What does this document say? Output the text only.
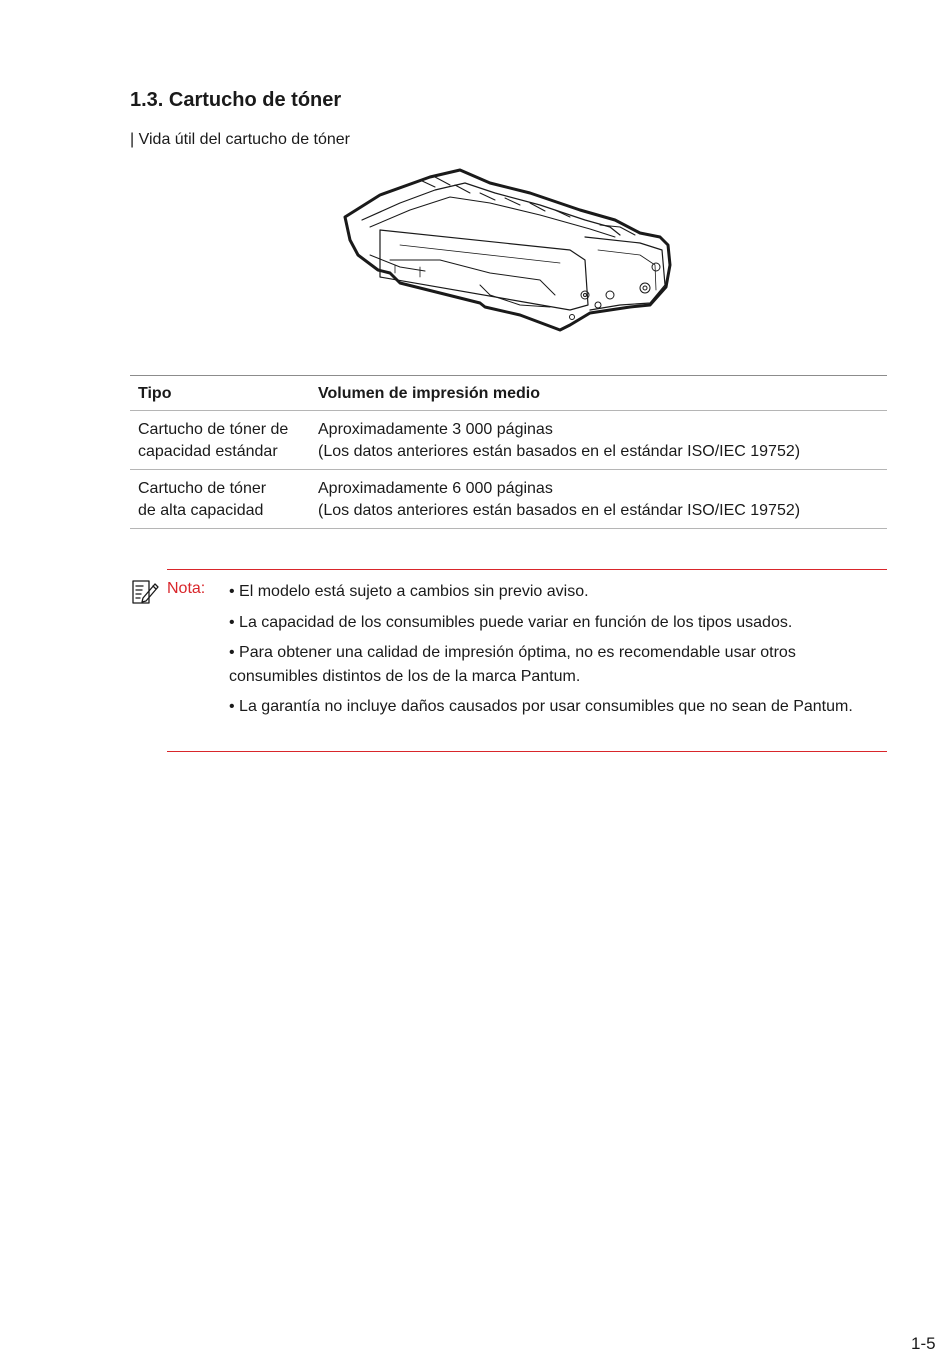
1.3. Cartucho de tóner
| Vida útil del cartucho de tóner
Tipo	Volumen de impresión medio

Cartucho de tóner de
capacidad estándar	Aproximadamente 3 000 páginas
(Los datos anteriores están basados en el estándar ISO/IEC 19752)

Cartucho de tóner
de alta capacidad	Aproximadamente 6 000 páginas
(Los datos anteriores están basados en el estándar ISO/IEC 19752)
Nota: • El modelo está sujeto a cambios sin previo aviso.
• La capacidad de los consumibles puede variar en función de los tipos usados.
• Para obtener una calidad de impresión óptima, no es recomendable usar otros consumibles distintos de los de la marca Pantum.
• La garantía no incluye daños causados por usar consumibles que no sean de Pantum.
1-5
